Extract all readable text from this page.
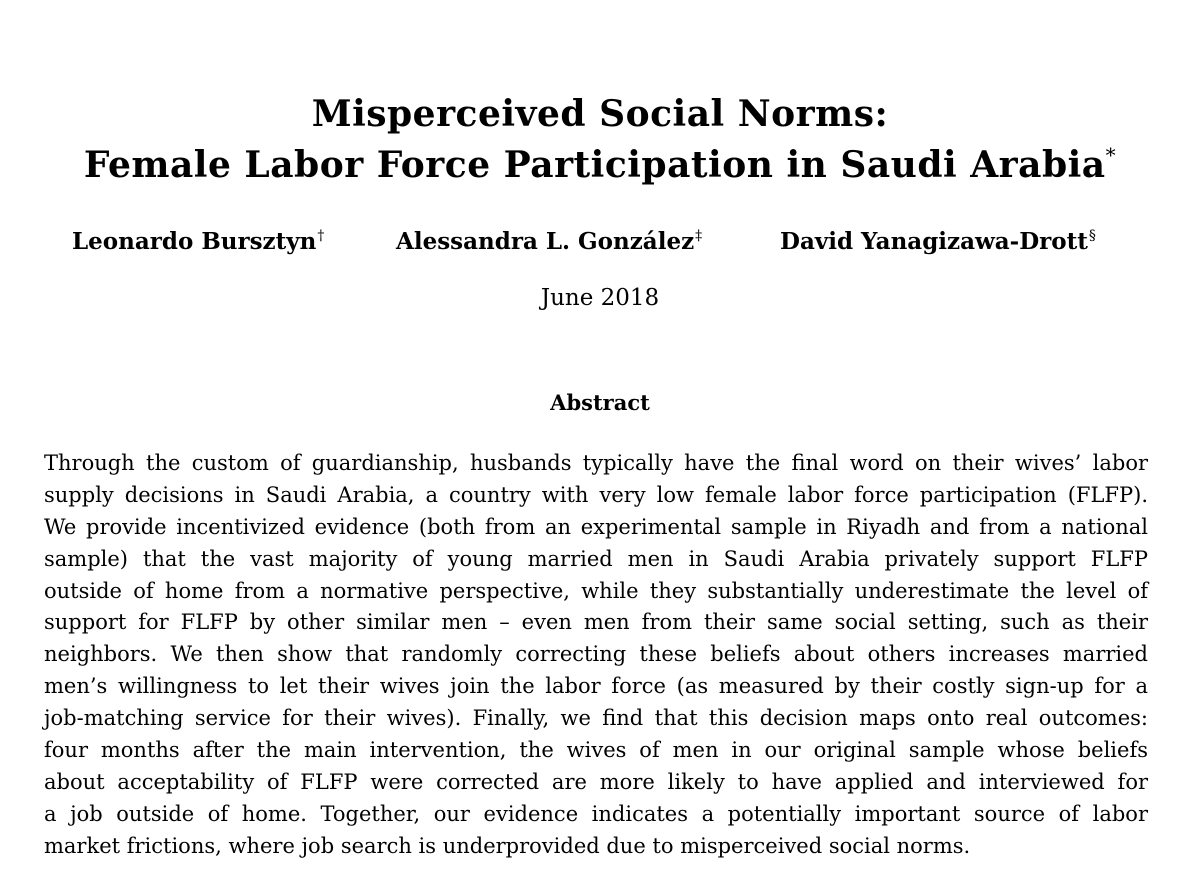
Misperceived Social Norms:
Female Labor Force Participation in Saudi Arabia*
Leonardo Bursztyn†	Alessandra L. González‡	David Yanagizawa-Drott§
June 2018
Abstract
Through the custom of guardianship, husbands typically have the final word on their wives’ labor
supply decisions in Saudi Arabia, a country with very low female labor force participation (FLFP).
We provide incentivized evidence (both from an experimental sample in Riyadh and from a national
sample) that the vast majority of young married men in Saudi Arabia privately support FLFP
outside of home from a normative perspective, while they substantially underestimate the level of
support for FLFP by other similar men – even men from their same social setting, such as their
neighbors. We then show that randomly correcting these beliefs about others increases married
men’s willingness to let their wives join the labor force (as measured by their costly sign-up for a
job-matching service for their wives). Finally, we find that this decision maps onto real outcomes:
four months after the main intervention, the wives of men in our original sample whose beliefs
about acceptability of FLFP were corrected are more likely to have applied and interviewed for
a job outside of home. Together, our evidence indicates a potentially important source of labor
market frictions, where job search is underprovided due to misperceived social norms.
